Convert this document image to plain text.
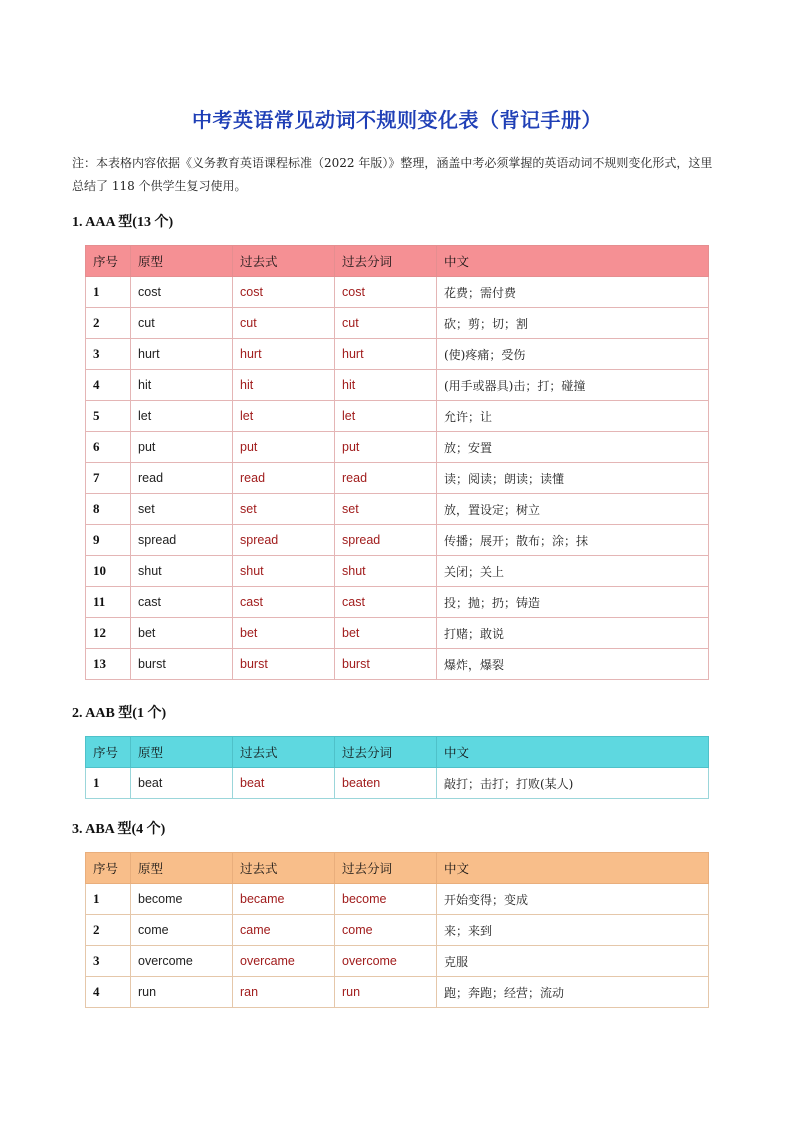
中考英语常见动词不规则变化表（背记手册）
注：本表格内容依据《义务教育英语课程标准（2022 年版）》整理，涵盖中考必须掌握的英语动词不规则变化形式，这里总结了 118 个供学生复习使用。
1. AAA 型(13 个)
序号	原型	过去式	过去分词	中文
1	cost	cost	cost	花费；需付费
2	cut	cut	cut	砍；剪；切；割
3	hurt	hurt	hurt	(使)疼痛；受伤
4	hit	hit	hit	(用手或器具)击；打；碰撞
5	let	let	let	允许；让
6	put	put	put	放；安置
7	read	read	read	读；阅读；朗读；读懂
8	set	set	set	放，置设定；树立
9	spread	spread	spread	传播；展开；散布；涂；抹
10	shut	shut	shut	关闭；关上
11	cast	cast	cast	投；抛；扔；铸造
12	bet	bet	bet	打赌；敢说
13	burst	burst	burst	爆炸，爆裂
2. AAB 型(1 个)
序号	原型	过去式	过去分词	中文
1	beat	beat	beaten	敲打；击打；打败(某人)
3. ABA 型(4 个)
序号	原型	过去式	过去分词	中文
1	become	became	become	开始变得；变成
2	come	came	come	来；来到
3	overcome	overcame	overcome	克服
4	run	ran	run	跑；奔跑；经营；流动
